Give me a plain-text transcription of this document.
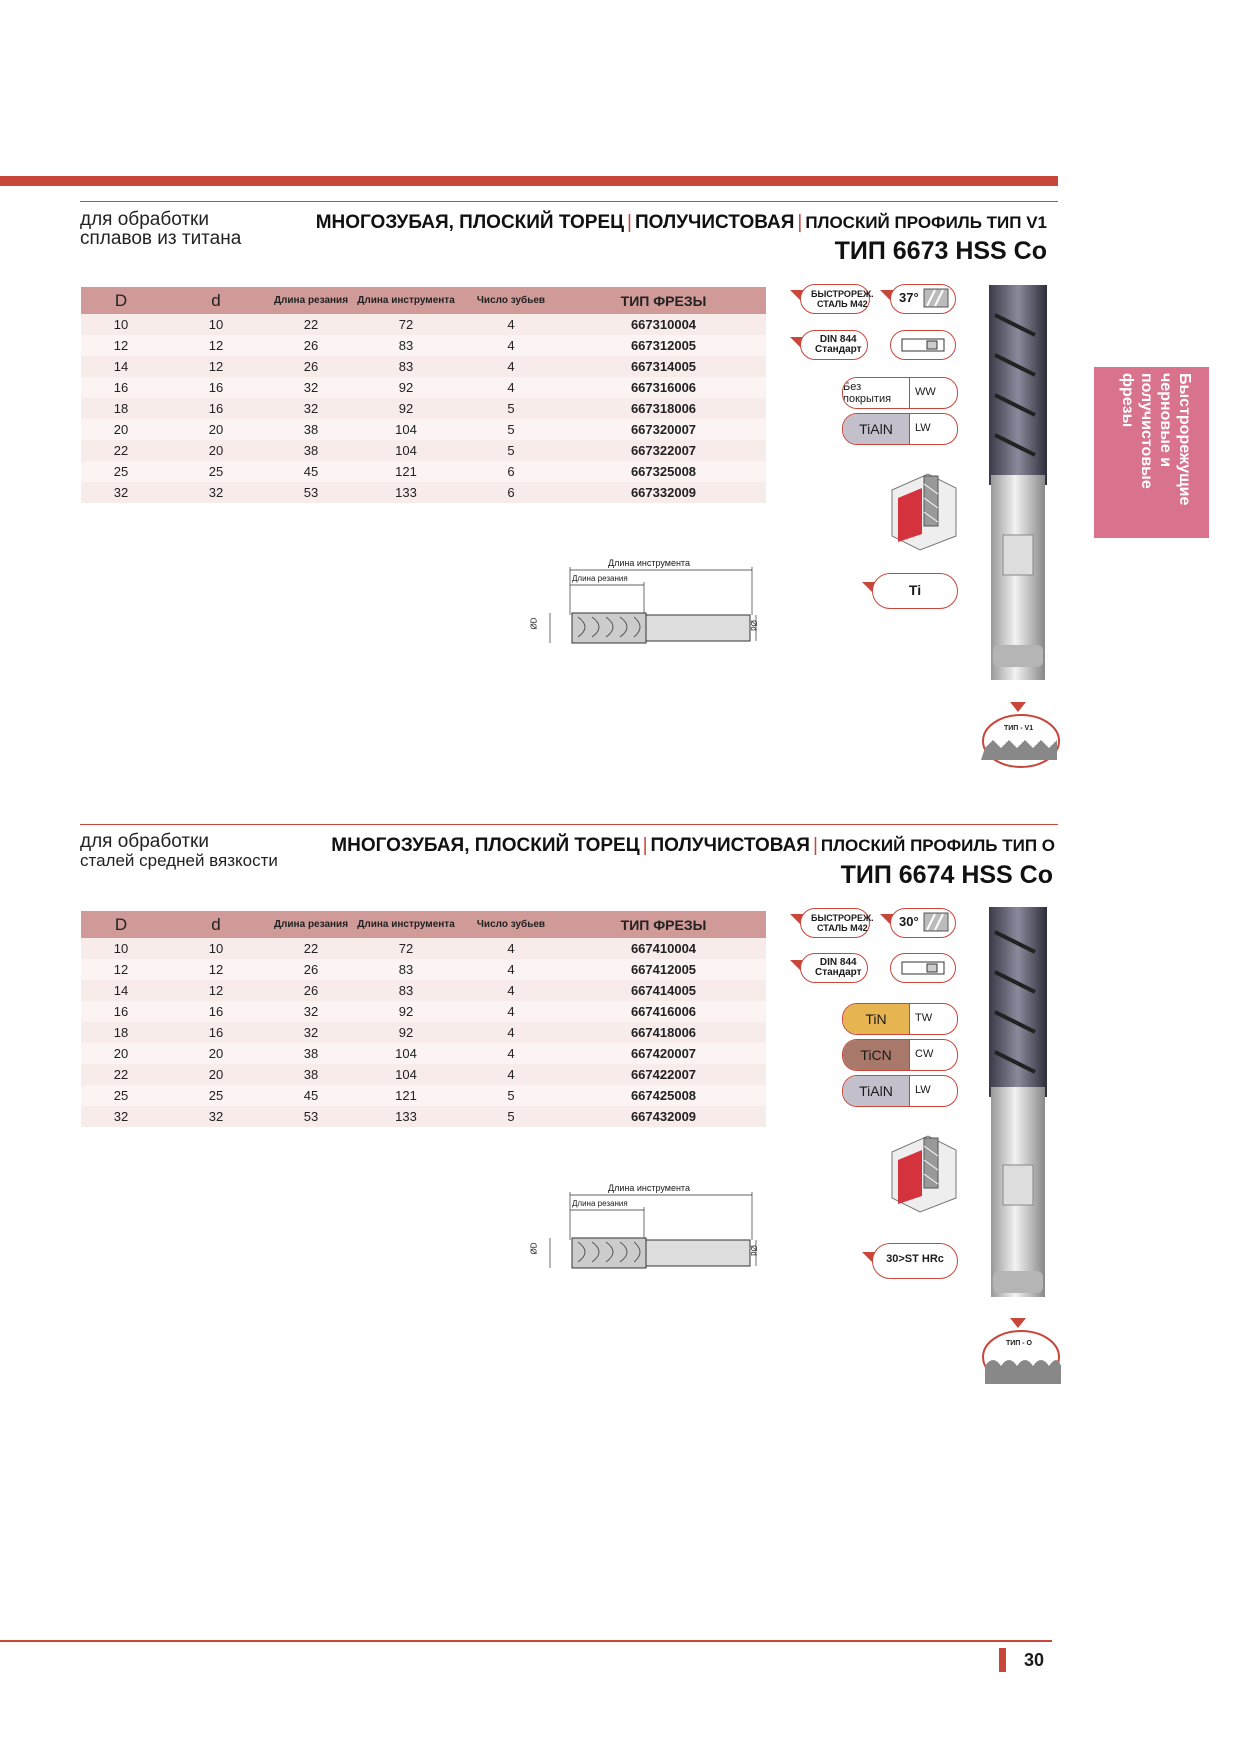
Быстрорежущие
черновые и
получистовые
фрезы
для обработки
сплавов из титана
МНОГОЗУБАЯ, ПЛОСКИЙ ТОРЕЦ | ПОЛУЧИСТОВАЯ | ПЛОСКИЙ ПРОФИЛЬ ТИП V1
ТИП 6673 HSS Co
D	d	Длина резания	Длина инструмента	Число зубьев	ТИП ФРЕЗЫ
10	10	22	72	4	667310004
12	12	26	83	4	667312005
14	12	26	83	4	667314005
16	16	32	92	4	667316006
18	16	32	92	5	667318006
20	20	38	104	5	667320007
22	20	38	104	5	667322007
25	25	45	121	6	667325008
32	32	53	133	6	667332009
БЫСТРОРЕЖ.
СТАЛЬ М42	37°
DIN 844
Стандарт
Без покрытия
WW
TiAlN	LW
Ti
Длина инструмента
Длина резания
ØD	Ød
ТИП - V1
для обработки
сталей средней вязкости
МНОГОЗУБАЯ, ПЛОСКИЙ ТОРЕЦ | ПОЛУЧИСТОВАЯ | ПЛОСКИЙ ПРОФИЛЬ ТИП О
ТИП 6674 HSS Co
D	d	Длина резания	Длина инструмента	Число зубьев	ТИП ФРЕЗЫ
10	10	22	72	4	667410004
12	12	26	83	4	667412005
14	12	26	83	4	667414005
16	16	32	92	4	667416006
18	16	32	92	4	667418006
20	20	38	104	4	667420007
22	20	38	104	4	667422007
25	25	45	121	5	667425008
32	32	53	133	5	667432009
БЫСТРОРЕЖ.
СТАЛЬ М42	30°
DIN 844
Стандарт
TiN	TW
TiCN	CW
TiAlN	LW
30>ST HRc
Длина инструмента
Длина резания
ØD	Ød
ТИП - О
30
